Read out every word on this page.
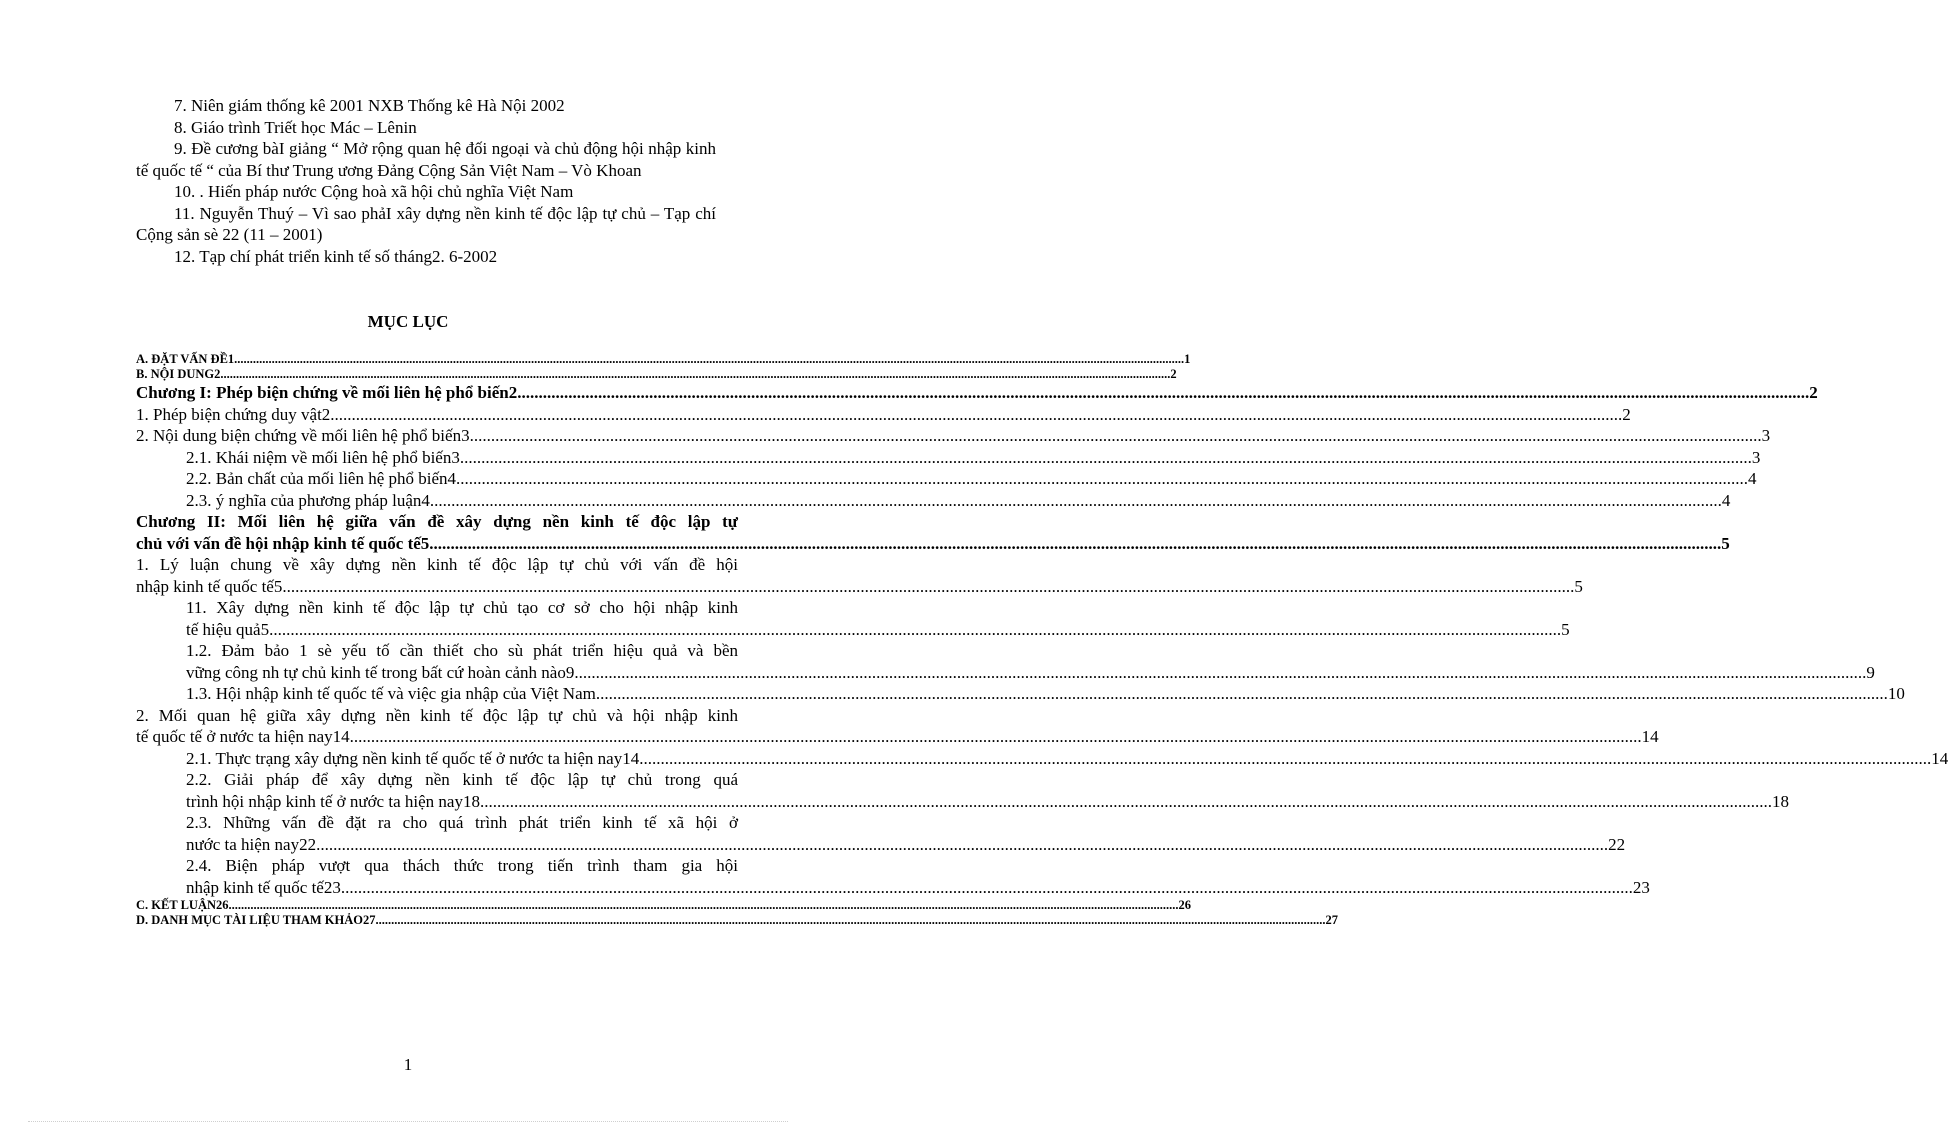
7. Niên giám thống kê 2001 NXB Thống kê Hà Nội 2002
8. Giáo trình Triết học Mác – Lênin
9. Đề cương bàI giảng “ Mở rộng quan hệ đối ngoại và chủ động hội nhập kinh tế quốc tế “ của Bí thư Trung ương Đảng Cộng Sản Việt Nam – Vò Khoan
10. . Hiến pháp nước Cộng hoà xã hội chủ nghĩa Việt Nam
11. Nguyễn Thuý – Vì sao phảI xây dựng nền kinh tế độc lập tự chủ – Tạp chí Cộng sản sè 22 (11 – 2001)
12. Tạp chí phát triển kinh tế số tháng2. 6-2002
MỤC LỤC
A. ĐẶT VẤN ĐỀ1 .....	1
B. NỘI DUNG2 .....	2
Chương I: Phép biện chứng về mối liên hệ phổ biến2 .....	2
1. Phép biện chứng duy vật2 .....	2
2. Nội dung biện chứng về mối liên hệ phổ biến3 .....	3
2.1. Khái niệm về mối liên hệ phổ biến3 .....	3
2.2. Bản chất của mối liên hệ phổ biến4 .....	4
2.3. ý nghĩa của phương pháp luận4 .....	4
Chương II: Mối liên hệ giữa vấn đề xây dựng nền kinh tế độc lập tự
chủ với vấn đề hội nhập kinh tế quốc tế5 .....	5
1. Lý luận chung về xây dựng nền kinh tế độc lập tự chủ với vấn đề hội
nhập kinh tế quốc tế5 .....	5
11. Xây dựng nền kinh tế độc lập tự chủ tạo cơ sở cho hội nhập kinh
tế hiệu quả5 .....	5
1.2. Đảm bảo 1 sè yếu tố cần thiết cho sù phát triển hiệu quả và bền
vững công nh tự chủ kinh tế trong bất cứ hoàn cảnh nào9 .....	9
1.3. Hội nhập kinh tế quốc tế và việc gia nhập của Việt Nam .....	10
2. Mối quan hệ giữa xây dựng nền kinh tế độc lập tự chủ và hội nhập kinh
tế quốc tế ở nước ta hiện nay14 .....	14
2.1. Thực trạng xây dựng nền kinh tế quốc tế ở nước ta hiện nay14 .....	14
2.2. Giải pháp để xây dựng nền kinh tế độc lập tự chủ trong quá
trình hội nhập kinh tế ở nước ta hiện nay18 .....	18
2.3. Những vấn đề đặt ra cho quá trình phát triển kinh tế xã hội ở
nước ta hiện nay22 .....	22
2.4. Biện pháp vượt qua thách thức trong tiến trình tham gia hội
nhập kinh tế quốc tế23 .....	23
C. KẾT LUẬN26 .....	26
D. DANH MỤC TÀI LIỆU THAM KHẢO27 .....	27
1
